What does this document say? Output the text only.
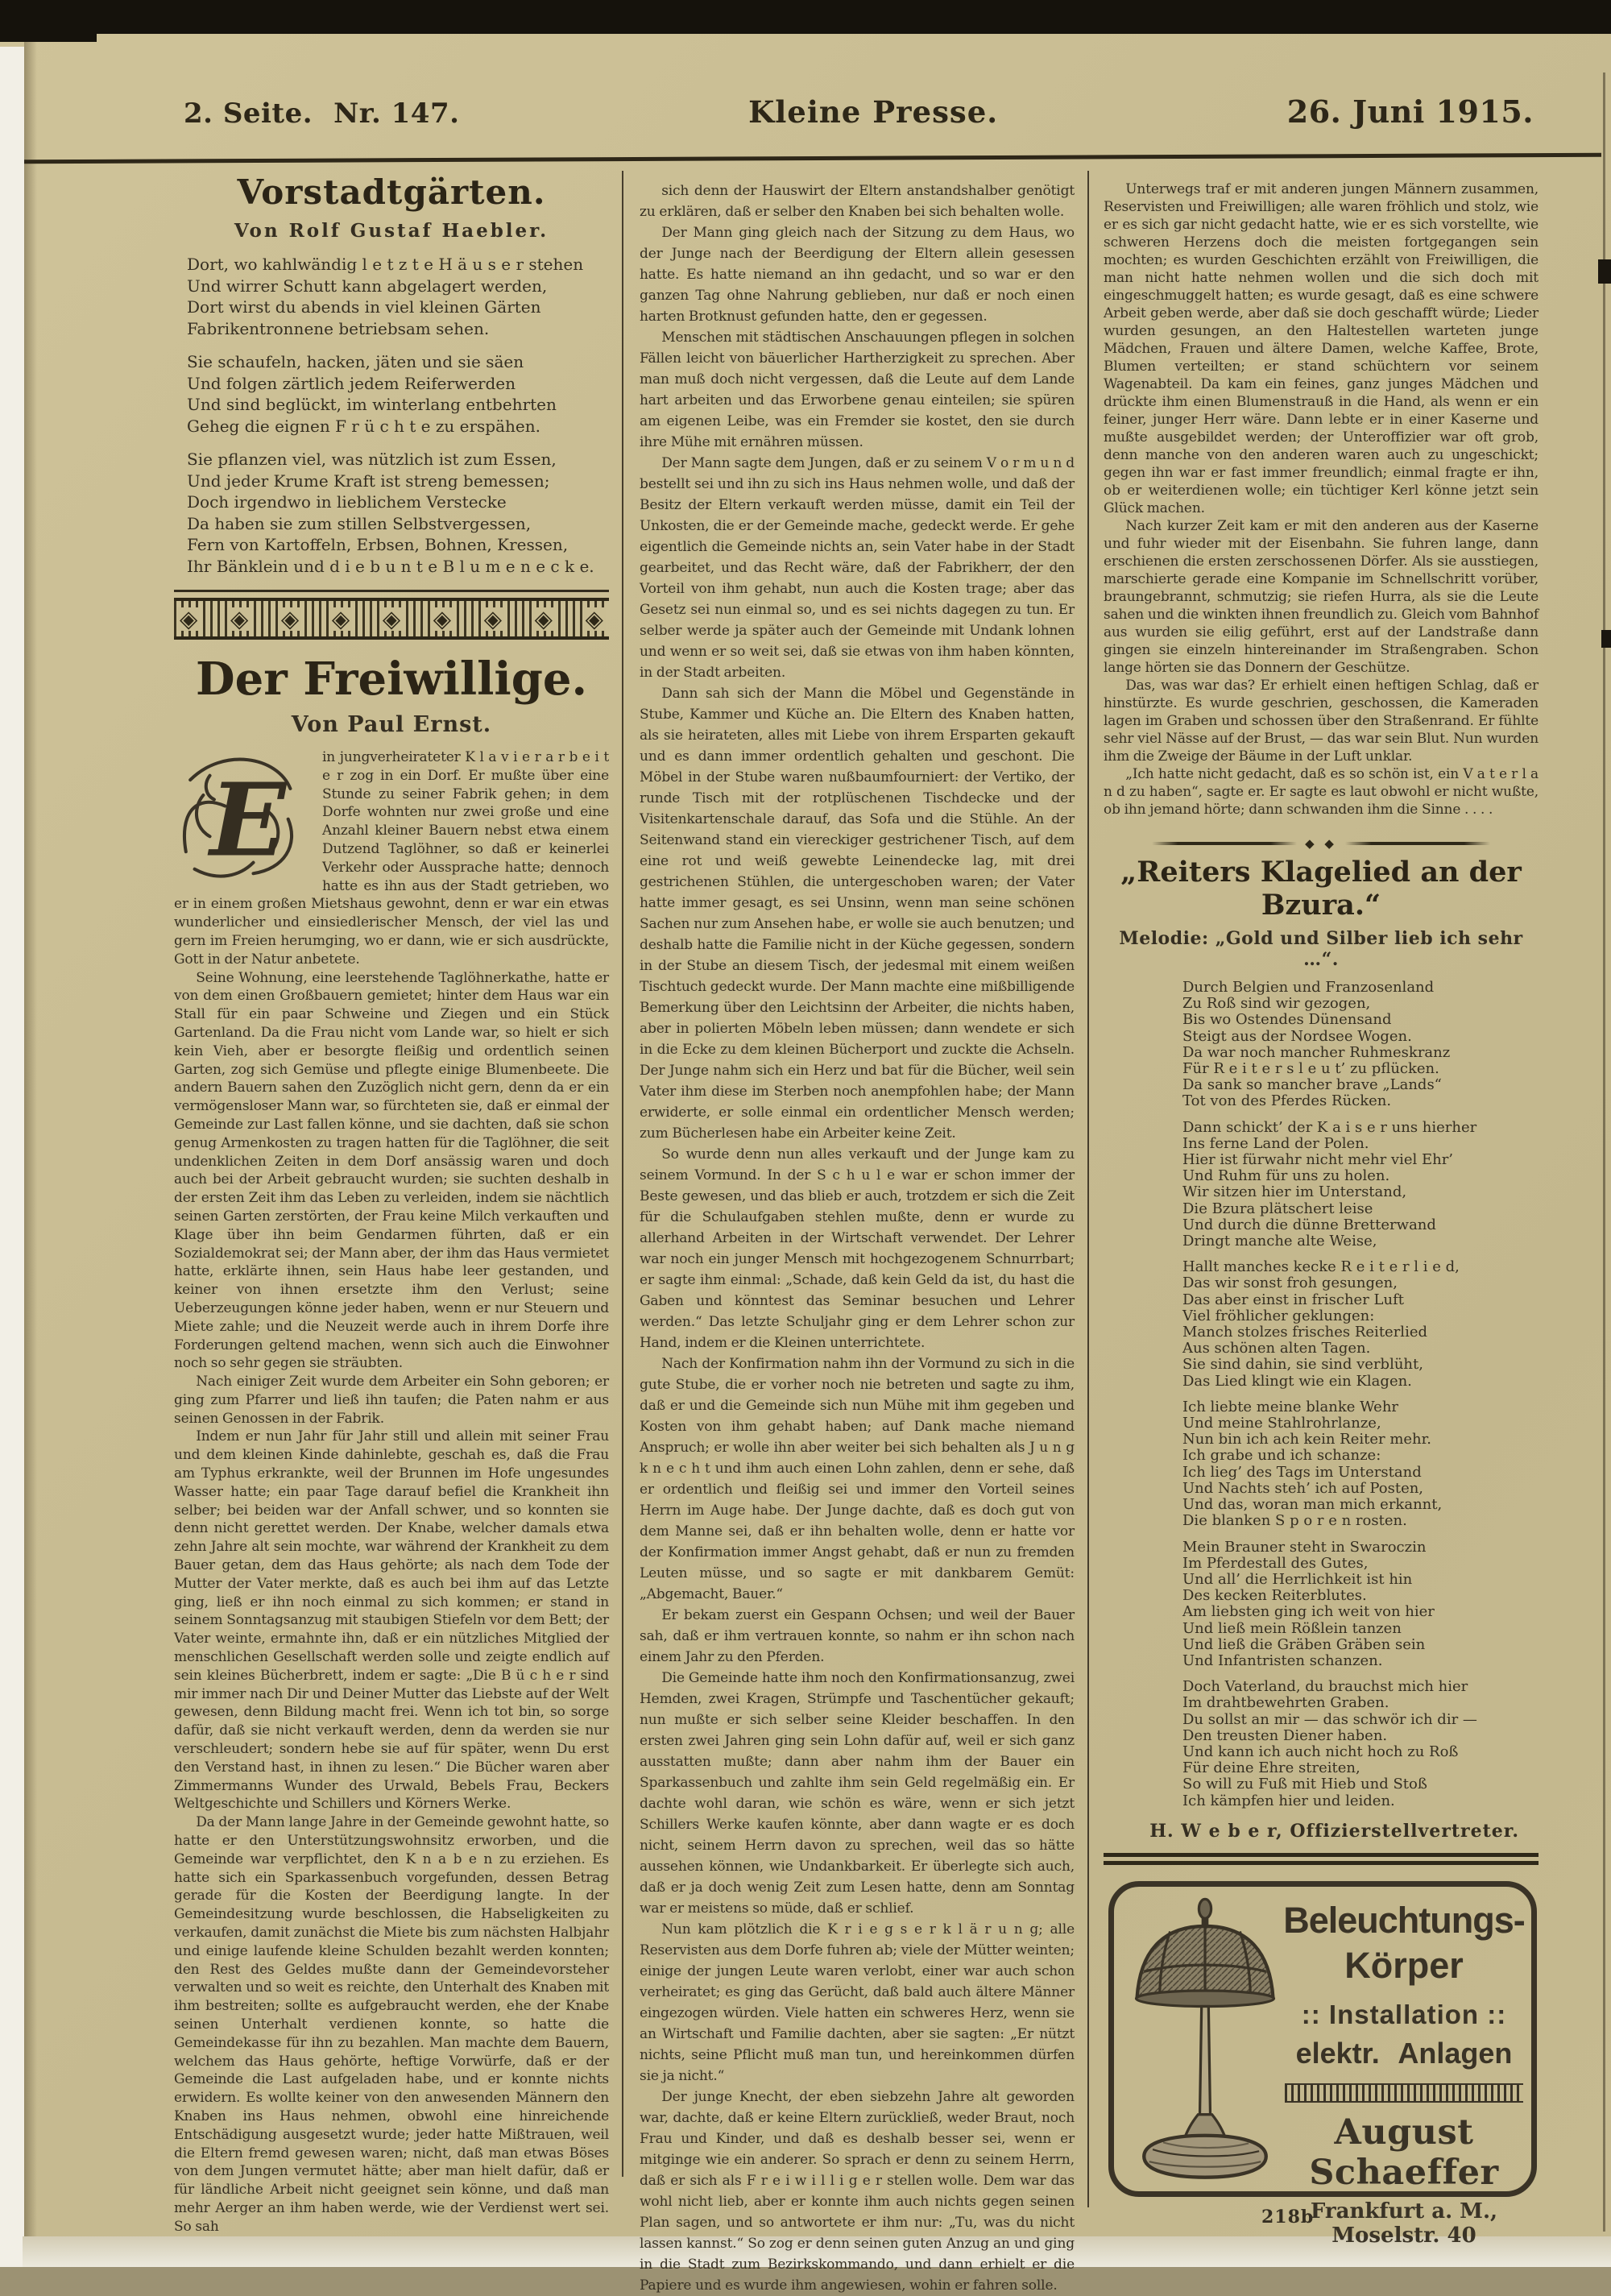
2. Seite. Nr. 147.	Kleine Presse.	26. Juni 1915.
Vorstadtgärten.
Von Rolf Gustaf Haebler.
Dort, wo kahlwändig l e t z t e H ä u s e r stehen
Und wirrer Schutt kann abgelagert werden,
Dort wirst du abends in viel kleinen Gärten
Fabrikentronnene betriebsam sehen.
Sie schaufeln, hacken, jäten und sie säen
Und folgen zärtlich jedem Reiferwerden
Und sind beglückt, im winterlang entbehrten
Geheg die eignen F r ü c h t e zu erspähen.
Sie pflanzen viel, was nützlich ist zum Essen,
Und jeder Krume Kraft ist streng bemessen;
Doch irgendwo in lieblichem Verstecke
Da haben sie zum stillen Selbstvergessen,
Fern von Kartoffeln, Erbsen, Bohnen, Kressen,
Ihr Bänklein und d i e b u n t e B l u m e n e c k e.
◈ ◈ ◈ ◈ ◈ ◈ ◈ ◈ ◈
Der Freiwillige.
Von Paul Ernst.

E
in jungverheirateter K l a v i e r a r b e i t e r zog in ein Dorf. Er mußte über eine Stunde zu seiner Fabrik gehen; in dem Dorfe wohnten nur zwei große und eine Anzahl kleiner Bauern nebst etwa einem Dutzend Taglöhner, so daß er keinerlei Verkehr oder Aussprache hatte; dennoch hatte es ihn aus der Stadt getrieben, wo er in einem großen Mietshaus gewohnt, denn er war ein etwas wunderlicher und einsiedlerischer Mensch, der viel las und gern im Freien herumging, wo er dann, wie er sich ausdrückte, Gott in der Natur anbetete.

Seine Wohnung, eine leerstehende Taglöhnerkathe, hatte er von dem einen Großbauern gemietet; hinter dem Haus war ein Stall für ein paar Schweine und Ziegen und ein Stück Gartenland. Da die Frau nicht vom Lande war, so hielt er sich kein Vieh, aber er besorgte fleißig und ordentlich seinen Garten, zog sich Gemüse und pflegte einige Blumenbeete. Die andern Bauern sahen den Zuzöglich nicht gern, denn da er ein vermögensloser Mann war, so fürchteten sie, daß er einmal der Gemeinde zur Last fallen könne, und sie dachten, daß sie schon genug Armenkosten zu tragen hatten für die Taglöhner, die seit undenklichen Zeiten in dem Dorf ansässig waren und doch auch bei der Arbeit gebraucht wurden; sie suchten deshalb in der ersten Zeit ihm das Leben zu verleiden, indem sie nächtlich seinen Garten zerstörten, der Frau keine Milch verkauften und Klage über ihn beim Gendarmen führten, daß er ein Sozialdemokrat sei; der Mann aber, der ihm das Haus vermietet hatte, erklärte ihnen, sein Haus habe leer gestanden, und keiner von ihnen ersetzte ihm den Verlust; seine Ueberzeugungen könne jeder haben, wenn er nur Steuern und Miete zahle; und die Neuzeit werde auch in ihrem Dorfe ihre Forderungen geltend machen, wenn sich auch die Einwohner noch so sehr gegen sie sträubten.

Nach einiger Zeit wurde dem Arbeiter ein Sohn geboren; er ging zum Pfarrer und ließ ihn taufen; die Paten nahm er aus seinen Genossen in der Fabrik.

Indem er nun Jahr für Jahr still und allein mit seiner Frau und dem kleinen Kinde dahinlebte, geschah es, daß die Frau am Typhus erkrankte, weil der Brunnen im Hofe ungesundes Wasser hatte; ein paar Tage darauf befiel die Krankheit ihn selber; bei beiden war der Anfall schwer, und so konnten sie denn nicht gerettet werden. Der Knabe, welcher damals etwa zehn Jahre alt sein mochte, war während der Krankheit zu dem Bauer getan, dem das Haus gehörte; als nach dem Tode der Mutter der Vater merkte, daß es auch bei ihm auf das Letzte ging, ließ er ihn noch einmal zu sich kommen; er stand in seinem Sonntagsanzug mit staubigen Stiefeln vor dem Bett; der Vater weinte, ermahnte ihn, daß er ein nützliches Mitglied der menschlichen Gesellschaft werden solle und zeigte endlich auf sein kleines Bücherbrett, indem er sagte: „Die B ü c h e r sind mir immer nach Dir und Deiner Mutter das Liebste auf der Welt gewesen, denn Bildung macht frei. Wenn ich tot bin, so sorge dafür, daß sie nicht verkauft werden, denn da werden sie nur verschleudert; sondern hebe sie auf für später, wenn Du erst den Verstand hast, in ihnen zu lesen.“ Die Bücher waren aber Zimmermanns Wunder des Urwald, Bebels Frau, Beckers Weltgeschichte und Schillers und Körners Werke.

Da der Mann lange Jahre in der Gemeinde gewohnt hatte, so hatte er den Unterstützungswohnsitz erworben, und die Gemeinde war verpflichtet, den K n a b e n zu erziehen. Es hatte sich ein Sparkassenbuch vorgefunden, dessen Betrag gerade für die Kosten der Beerdigung langte. In der Gemeindesitzung wurde beschlossen, die Habseligkeiten zu verkaufen, damit zunächst die Miete bis zum nächsten Halbjahr und einige laufende kleine Schulden bezahlt werden konnten; den Rest des Geldes mußte dann der Gemeindevorsteher verwalten und so weit es reichte, den Unterhalt des Knaben mit ihm bestreiten; sollte es aufgebraucht werden, ehe der Knabe seinen Unterhalt verdienen konnte, so hatte die Gemeindekasse für ihn zu bezahlen. Man machte dem Bauern, welchem das Haus gehörte, heftige Vorwürfe, daß er der Gemeinde die Last aufgeladen habe, und er konnte nichts erwidern. Es wollte keiner von den anwesenden Männern den Knaben ins Haus nehmen, obwohl eine hinreichende Entschädigung ausgesetzt wurde; jeder hatte Mißtrauen, weil die Eltern fremd gewesen waren; nicht, daß man etwas Böses von dem Jungen vermutet hätte; aber man hielt dafür, daß er für ländliche Arbeit nicht geeignet sein könne, und daß man mehr Aerger an ihm haben werde, wie der Verdienst wert sei. So sah

sich denn der Hauswirt der Eltern anstandshalber genötigt zu erklären, daß er selber den Knaben bei sich behalten wolle.

Der Mann ging gleich nach der Sitzung zu dem Haus, wo der Junge nach der Beerdigung der Eltern allein gesessen hatte. Es hatte niemand an ihn gedacht, und so war er den ganzen Tag ohne Nahrung geblieben, nur daß er noch einen harten Brotknust gefunden hatte, den er gegessen.

Menschen mit städtischen Anschauungen pflegen in solchen Fällen leicht von bäuerlicher Hartherzigkeit zu sprechen. Aber man muß doch nicht vergessen, daß die Leute auf dem Lande hart arbeiten und das Erworbene genau einteilen; sie spüren am eigenen Leibe, was ein Fremder sie kostet, den sie durch ihre Mühe mit ernähren müssen.

Der Mann sagte dem Jungen, daß er zu seinem V o r m u n d bestellt sei und ihn zu sich ins Haus nehmen wolle, und daß der Besitz der Eltern verkauft werden müsse, damit ein Teil der Unkosten, die er der Gemeinde mache, gedeckt werde. Er gehe eigentlich die Gemeinde nichts an, sein Vater habe in der Stadt gearbeitet, und das Recht wäre, daß der Fabrikherr, der den Vorteil von ihm gehabt, nun auch die Kosten trage; aber das Gesetz sei nun einmal so, und es sei nichts dagegen zu tun. Er selber werde ja später auch der Gemeinde mit Undank lohnen und wenn er so weit sei, daß sie etwas von ihm haben könnten, in der Stadt arbeiten.

Dann sah sich der Mann die Möbel und Gegenstände in Stube, Kammer und Küche an. Die Eltern des Knaben hatten, als sie heirateten, alles mit Liebe von ihrem Ersparten gekauft und es dann immer ordentlich gehalten und geschont. Die Möbel in der Stube waren nußbaumfourniert: der Vertiko, der runde Tisch mit der rotplüschenen Tischdecke und der Visitenkartenschale darauf, das Sofa und die Stühle. An der Seitenwand stand ein viereckiger gestrichener Tisch, auf dem eine rot und weiß gewebte Leinendecke lag, mit drei gestrichenen Stühlen, die untergeschoben waren; der Vater hatte immer gesagt, es sei Unsinn, wenn man seine schönen Sachen nur zum Ansehen habe, er wolle sie auch benutzen; und deshalb hatte die Familie nicht in der Küche gegessen, sondern in der Stube an diesem Tisch, der jedesmal mit einem weißen Tischtuch gedeckt wurde. Der Mann machte eine mißbilligende Bemerkung über den Leichtsinn der Arbeiter, die nichts haben, aber in polierten Möbeln leben müssen; dann wendete er sich in die Ecke zu dem kleinen Bücherport und zuckte die Achseln. Der Junge nahm sich ein Herz und bat für die Bücher, weil sein Vater ihm diese im Sterben noch anempfohlen habe; der Mann erwiderte, er solle einmal ein ordentlicher Mensch werden; zum Bücherlesen habe ein Arbeiter keine Zeit.

So wurde denn nun alles verkauft und der Junge kam zu seinem Vormund. In der S c h u l e war er schon immer der Beste gewesen, und das blieb er auch, trotzdem er sich die Zeit für die Schulaufgaben stehlen mußte, denn er wurde zu allerhand Arbeiten in der Wirtschaft verwendet. Der Lehrer war noch ein junger Mensch mit hochgezogenem Schnurrbart; er sagte ihm einmal: „Schade, daß kein Geld da ist, du hast die Gaben und könntest das Seminar besuchen und Lehrer werden.“ Das letzte Schuljahr ging er dem Lehrer schon zur Hand, indem er die Kleinen unterrichtete.

Nach der Konfirmation nahm ihn der Vormund zu sich in die gute Stube, die er vorher noch nie betreten und sagte zu ihm, daß er und die Gemeinde sich nun Mühe mit ihm gegeben und Kosten von ihm gehabt haben; auf Dank mache niemand Anspruch; er wolle ihn aber weiter bei sich behalten als J u n g k n e c h t und ihm auch einen Lohn zahlen, denn er sehe, daß er ordentlich und fleißig sei und immer den Vorteil seines Herrn im Auge habe. Der Junge dachte, daß es doch gut von dem Manne sei, daß er ihn behalten wolle, denn er hatte vor der Konfirmation immer Angst gehabt, daß er nun zu fremden Leuten müsse, und so sagte er mit dankbarem Gemüt: „Abgemacht, Bauer.“

Er bekam zuerst ein Gespann Ochsen; und weil der Bauer sah, daß er ihm vertrauen konnte, so nahm er ihn schon nach einem Jahr zu den Pferden.

Die Gemeinde hatte ihm noch den Konfirmationsanzug, zwei Hemden, zwei Kragen, Strümpfe und Taschentücher gekauft; nun mußte er sich selber seine Kleider beschaffen. In den ersten zwei Jahren ging sein Lohn dafür auf, weil er sich ganz ausstatten mußte; dann aber nahm ihm der Bauer ein Sparkassenbuch und zahlte ihm sein Geld regelmäßig ein. Er dachte wohl daran, wie schön es wäre, wenn er sich jetzt Schillers Werke kaufen könnte, aber dann wagte er es doch nicht, seinem Herrn davon zu sprechen, weil das so hätte aussehen können, wie Undankbarkeit. Er überlegte sich auch, daß er ja doch wenig Zeit zum Lesen hatte, denn am Sonntag war er meistens so müde, daß er schlief.

Nun kam plötzlich die K r i e g s e r k l ä r u n g; alle Reservisten aus dem Dorfe fuhren ab; viele der Mütter weinten; einige der jungen Leute waren verlobt, einer war auch schon verheiratet; es ging das Gerücht, daß bald auch ältere Männer eingezogen würden. Viele hatten ein schweres Herz, wenn sie an Wirtschaft und Familie dachten, aber sie sagten: „Er nützt nichts, seine Pflicht muß man tun, und hereinkommen dürfen sie ja nicht.“

Der junge Knecht, der eben siebzehn Jahre alt geworden war, dachte, daß er keine Eltern zurückließ, weder Braut, noch Frau und Kinder, und daß es deshalb besser sei, wenn er mitginge wie ein anderer. So sprach er denn zu seinem Herrn, daß er sich als F r e i w i l l i g e r stellen wolle. Dem war das wohl nicht lieb, aber er konnte ihm auch nichts gegen seinen Plan sagen, und so antwortete er ihm nur: „Tu, was du nicht lassen kannst.“ So zog er denn seinen guten Anzug an und ging in die Stadt zum Bezirkskommando, und dann erhielt er die Papiere und es wurde ihm angewiesen, wohin er fahren solle.

Unterwegs traf er mit anderen jungen Männern zusammen, Reservisten und Freiwilligen; alle waren fröhlich und stolz, wie er es sich gar nicht gedacht hatte, wie er es sich vorstellte, wie schweren Herzens doch die meisten fortgegangen sein mochten; es wurden Geschichten erzählt von Freiwilligen, die man nicht hatte nehmen wollen und die sich doch mit eingeschmuggelt hatten; es wurde gesagt, daß es eine schwere Arbeit geben werde, aber daß sie doch geschafft würde; Lieder wurden gesungen, an den Haltestellen warteten junge Mädchen, Frauen und ältere Damen, welche Kaffee, Brote, Blumen verteilten; er stand schüchtern vor seinem Wagenabteil. Da kam ein feines, ganz junges Mädchen und drückte ihm einen Blumenstrauß in die Hand, als wenn er ein feiner, junger Herr wäre. Dann lebte er in einer Kaserne und mußte ausgebildet werden; der Unteroffizier war oft grob, denn manche von den anderen waren auch zu ungeschickt; gegen ihn war er fast immer freundlich; einmal fragte er ihn, ob er weiterdienen wolle; ein tüchtiger Kerl könne jetzt sein Glück machen.

Nach kurzer Zeit kam er mit den anderen aus der Kaserne und fuhr wieder mit der Eisenbahn. Sie fuhren lange, dann erschienen die ersten zerschossenen Dörfer. Als sie ausstiegen, marschierte gerade eine Kompanie im Schnellschritt vorüber, braungebrannt, schmutzig; sie riefen Hurra, als sie die Leute sahen und die winkten ihnen freundlich zu. Gleich vom Bahnhof aus wurden sie eilig geführt, erst auf der Landstraße dann gingen sie einzeln hintereinander im Straßengraben. Schon lange hörten sie das Donnern der Geschütze.

Das, was war das? Er erhielt einen heftigen Schlag, daß er hinstürzte. Es wurde geschrien, geschossen, die Kameraden lagen im Graben und schossen über den Straßenrand. Er fühlte sehr viel Nässe auf der Brust, — das war sein Blut. Nun wurden ihm die Zweige der Bäume in der Luft unklar.

„Ich hatte nicht gedacht, daß es so schön ist, ein V a t e r l a n d zu haben“, sagte er. Er sagte es laut obwohl er nicht wußte, ob ihn jemand hörte; dann schwanden ihm die Sinne . . . .

◆ ◆
„Reiters Klagelied an der Bzura.“
Melodie: „Gold und Silber lieb ich sehr …“.
Durch Belgien und Franzosenland
Zu Roß sind wir gezogen,
Bis wo Ostendes Dünensand
Steigt aus der Nordsee Wogen.
Da war noch mancher Ruhmeskranz
Für R e i t e r s l e u t’ zu pflücken.
Da sank so mancher brave „Lands“
Tot von des Pferdes Rücken.
Dann schickt’ der K a i s e r uns hierher
Ins ferne Land der Polen.
Hier ist fürwahr nicht mehr viel Ehr’
Und Ruhm für uns zu holen.
Wir sitzen hier im Unterstand,
Die Bzura plätschert leise
Und durch die dünne Bretterwand
Dringt manche alte Weise,
Hallt manches kecke R e i t e r l i e d,
Das wir sonst froh gesungen,
Das aber einst in frischer Luft
Viel fröhlicher geklungen:
Manch stolzes frisches Reiterlied
Aus schönen alten Tagen.
Sie sind dahin, sie sind verblüht,
Das Lied klingt wie ein Klagen.
Ich liebte meine blanke Wehr
Und meine Stahlrohrlanze,
Nun bin ich ach kein Reiter mehr.
Ich grabe und ich schanze:
Ich lieg’ des Tags im Unterstand
Und Nachts steh’ ich auf Posten,
Und das, woran man mich erkannt,
Die blanken S p o r e n rosten.
Mein Brauner steht in Swaroczin
Im Pferdestall des Gutes,
Und all’ die Herrlichkeit ist hin
Des kecken Reiterblutes.
Am liebsten ging ich weit von hier
Und ließ mein Rößlein tanzen
Und ließ die Gräben Gräben sein
Und Infantristen schanzen.
Doch Vaterland, du brauchst mich hier
Im drahtbewehrten Graben.
Du sollst an mir — das schwör ich dir —
Den treusten Diener haben.
Und kann ich auch nicht hoch zu Roß
Für deine Ehre streiten,
So will zu Fuß mit Hieb und Stoß
Ich kämpfen hier und leiden.
H. W e b e r, Offizierstellvertreter.
Beleuchtungs-
Körper
:: Installation ::
elektr. Anlagen
August Schaeffer
Frankfurt a. M., Moselstr. 40
218b
